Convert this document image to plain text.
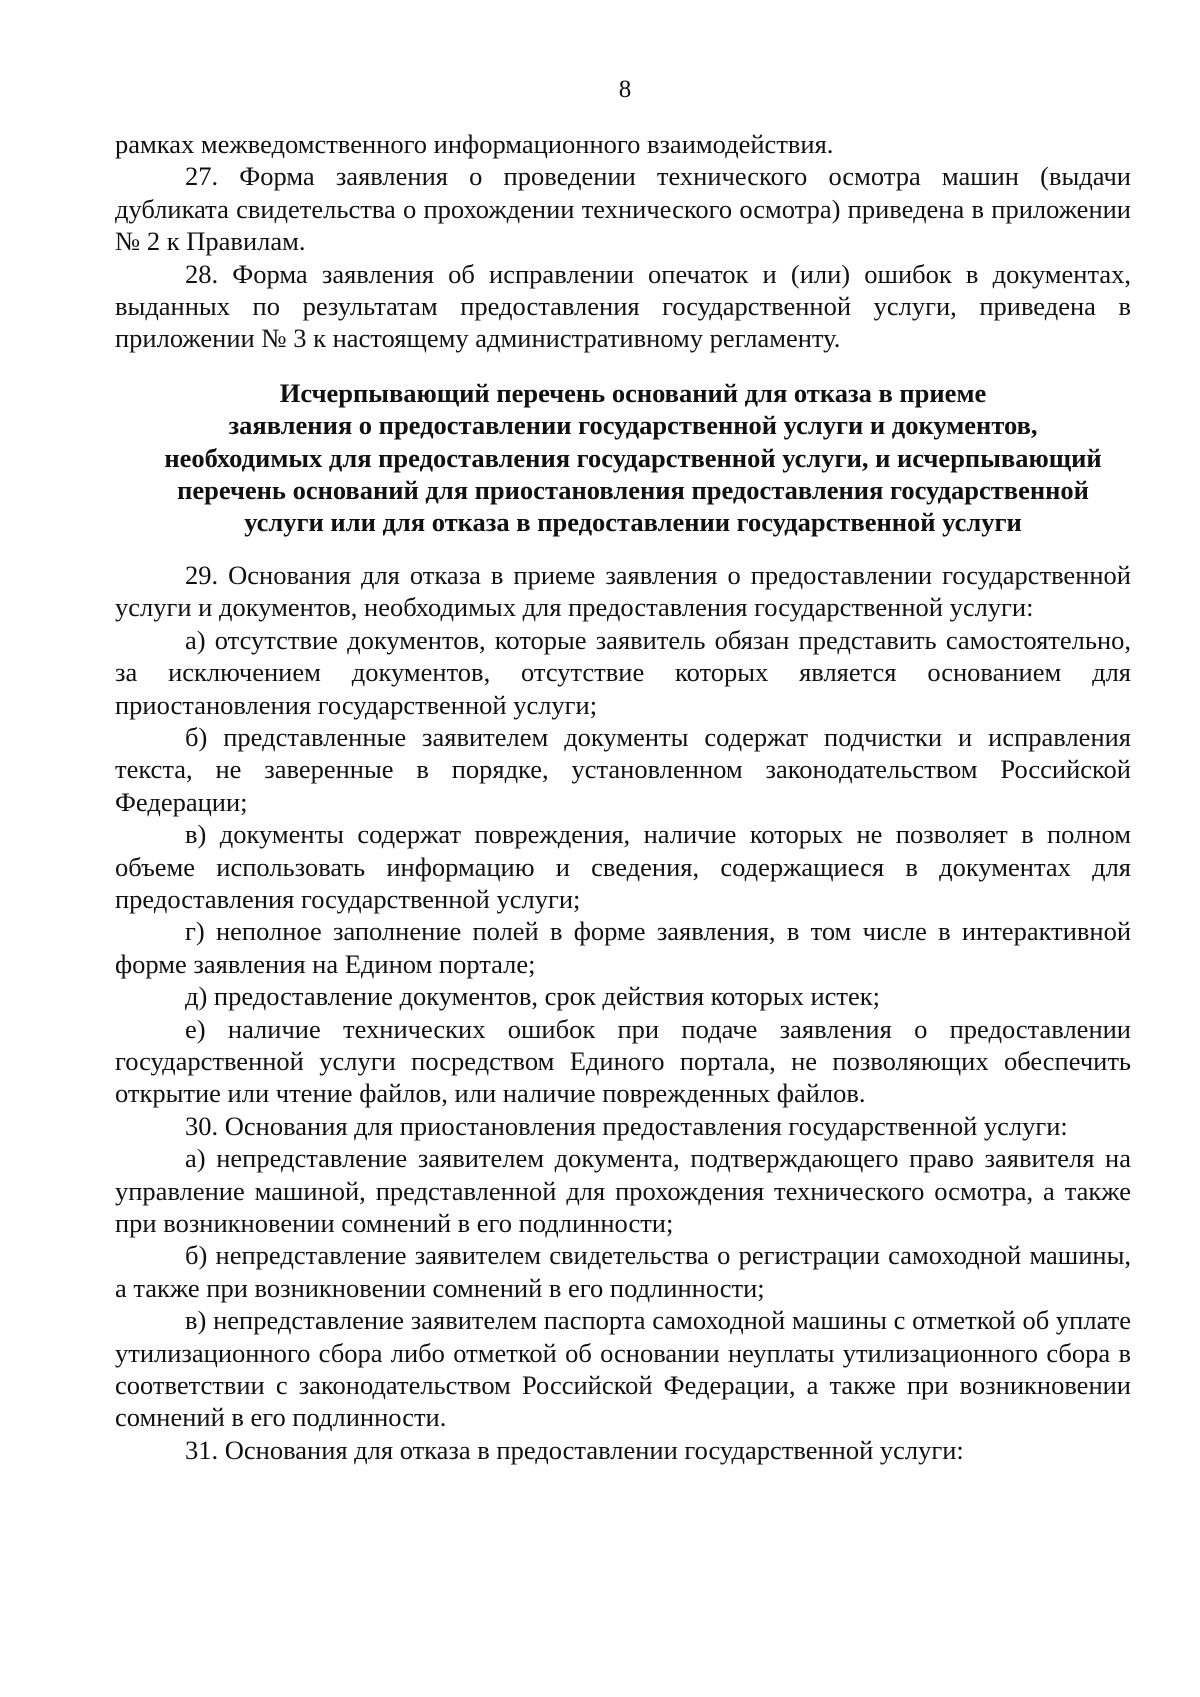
8

рамках межведомственного информационного взаимодействия.

27. Форма заявления о проведении технического осмотра машин (выдачи дубликата свидетельства о прохождении технического осмотра) приведена в приложении № 2 к Правилам.

28. Форма заявления об исправлении опечаток и (или) ошибок в документах, выданных по результатам предоставления государственной услуги, приведена в приложении № 3 к настоящему административному регламенту.

Исчерпывающий перечень оснований для отказа в приеме
заявления о предоставлении государственной услуги и документов,
необходимых для предоставления государственной услуги, и исчерпывающий
перечень оснований для приостановления предоставления государственной
услуги или для отказа в предоставлении государственной услуги

29. Основания для отказа в приеме заявления о предоставлении государственной услуги и документов, необходимых для предоставления государственной услуги:

а) отсутствие документов, которые заявитель обязан представить самостоятельно, за исключением документов, отсутствие которых является основанием для приостановления государственной услуги;

б) представленные заявителем документы содержат подчистки и исправления текста, не заверенные в порядке, установленном законодательством Российской Федерации;

в) документы содержат повреждения, наличие которых не позволяет в полном объеме использовать информацию и сведения, содержащиеся в документах для предоставления государственной услуги;

г) неполное заполнение полей в форме заявления, в том числе в интерактивной форме заявления на Едином портале;

д) предоставление документов, срок действия которых истек;

е) наличие технических ошибок при подаче заявления о предоставлении государственной услуги посредством Единого портала, не позволяющих обеспечить открытие или чтение файлов, или наличие поврежденных файлов.

30. Основания для приостановления предоставления государственной услуги:

а) непредставление заявителем документа, подтверждающего право заявителя на управление машиной, представленной для прохождения технического осмотра, а также при возникновении сомнений в его подлинности;

б) непредставление заявителем свидетельства о регистрации самоходной машины, а также при возникновении сомнений в его подлинности;

в) непредставление заявителем паспорта самоходной машины с отметкой об уплате утилизационного сбора либо отметкой об основании неуплаты утилизационного сбора в соответствии с законодательством Российской Федерации, а также при возникновении сомнений в его подлинности.

31. Основания для отказа в предоставлении государственной услуги:
